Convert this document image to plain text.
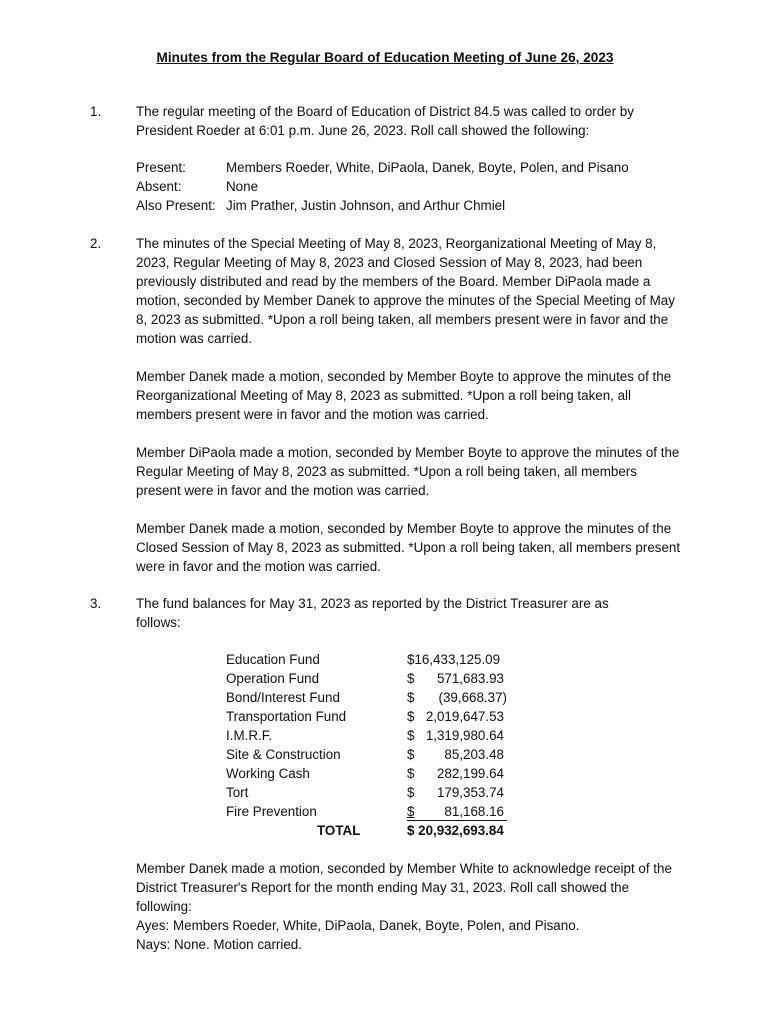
Minutes from the Regular Board of Education Meeting of June 26, 2023
1.	The regular meeting of the Board of Education of District 84.5 was called to order by President Roeder at 6:01 p.m. June 26, 2023. Roll call showed the following:

Present:	Members Roeder, White, DiPaola, Danek, Boyte, Polen, and Pisano
Absent:	None
Also Present: Jim Prather, Justin Johnson, and Arthur Chmiel
2.	The minutes of the Special Meeting of May 8, 2023, Reorganizational Meeting of May 8, 2023, Regular Meeting of May 8, 2023 and Closed Session of May 8, 2023, had been previously distributed and read by the members of the Board. Member DiPaola made a motion, seconded by Member Danek to approve the minutes of the Special Meeting of May 8, 2023 as submitted. *Upon a roll being taken, all members present were in favor and the motion was carried.

Member Danek made a motion, seconded by Member Boyte to approve the minutes of the Reorganizational Meeting of May 8, 2023 as submitted. *Upon a roll being taken, all members present were in favor and the motion was carried.

Member DiPaola made a motion, seconded by Member Boyte to approve the minutes of the Regular Meeting of May 8, 2023 as submitted. *Upon a roll being taken, all members present were in favor and the motion was carried.

Member Danek made a motion, seconded by Member Boyte to approve the minutes of the Closed Session of May 8, 2023 as submitted. *Upon a roll being taken, all members present were in favor and the motion was carried.

3.	The fund balances for May 31, 2023 as reported by the District Treasurer are as follows:

Education Fund	$16,433,125.09
Operation Fund	$ 571,683.93
Bond/Interest Fund	$ (39,668.37)
Transportation Fund	$ 2,019,647.53
I.M.R.F.	$ 1,319,980.64
Site & Construction	$ 85,203.48
Working Cash	$ 282,199.64
Tort	$ 179,353.74
Fire Prevention	$ 81,168.16
TOTAL	$ 20,932,693.84

Member Danek made a motion, seconded by Member White to acknowledge receipt of the District Treasurer's Report for the month ending May 31, 2023. Roll call showed the following:

Ayes: Members Roeder, White, DiPaola, Danek, Boyte, Polen, and Pisano.

Nays: None. Motion carried.
